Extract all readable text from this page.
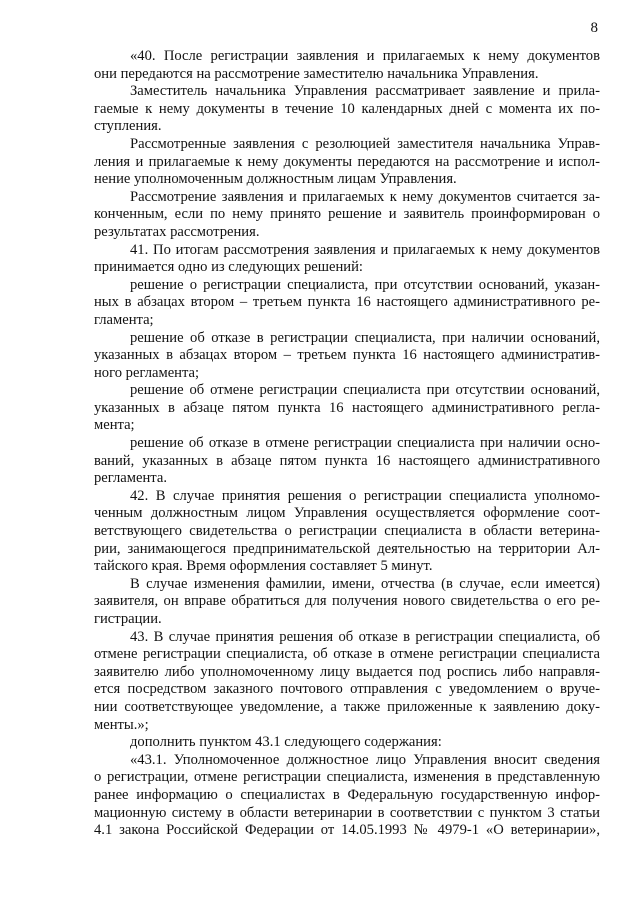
8
«40. После регистрации заявления и прилагаемых к нему документов
они передаются на рассмотрение заместителю начальника Управления.
Заместитель начальника Управления рассматривает заявление и прила-
гаемые к нему документы в течение 10 календарных дней с момента их по-
ступления.
Рассмотренные заявления с резолюцией заместителя начальника Управ-
ления и прилагаемые к нему документы передаются на рассмотрение и испол-
нение уполномоченным должностным лицам Управления.
Рассмотрение заявления и прилагаемых к нему документов считается за-
конченным, если по нему принято решение и заявитель проинформирован о
результатах рассмотрения.
41. По итогам рассмотрения заявления и прилагаемых к нему документов
принимается одно из следующих решений:
решение о регистрации специалиста, при отсутствии оснований, указан-
ных в абзацах втором – третьем пункта 16 настоящего административного ре-
гламента;
решение об отказе в регистрации специалиста, при наличии оснований,
указанных в абзацах втором – третьем пункта 16 настоящего административ-
ного регламента;
решение об отмене регистрации специалиста при отсутствии оснований,
указанных в абзаце пятом пункта 16 настоящего административного регла-
мента;
решение об отказе в отмене регистрации специалиста при наличии осно-
ваний, указанных в абзаце пятом пункта 16 настоящего административного
регламента.
42. В случае принятия решения о регистрации специалиста уполномо-
ченным должностным лицом Управления осуществляется оформление соот-
ветствующего свидетельства о регистрации специалиста в области ветерина-
рии, занимающегося предпринимательской деятельностью на территории Ал-
тайского края. Время оформления составляет 5 минут.
В случае изменения фамилии, имени, отчества (в случае, если имеется)
заявителя, он вправе обратиться для получения нового свидетельства о его ре-
гистрации.
43. В случае принятия решения об отказе в регистрации специалиста, об
отмене регистрации специалиста, об отказе в отмене регистрации специалиста
заявителю либо уполномоченному лицу выдается под роспись либо направля-
ется посредством заказного почтового отправления с уведомлением о вруче-
нии соответствующее уведомление, а также приложенные к заявлению доку-
менты.»;
дополнить пунктом 43.1 следующего содержания:
«43.1. Уполномоченное должностное лицо Управления вносит сведения
о регистрации, отмене регистрации специалиста, изменения в представленную
ранее информацию о специалистах в Федеральную государственную инфор-
мационную систему в области ветеринарии в соответствии с пунктом 3 статьи
4.1 закона Российской Федерации от 14.05.1993 № 4979-1 «О ветеринарии»,
